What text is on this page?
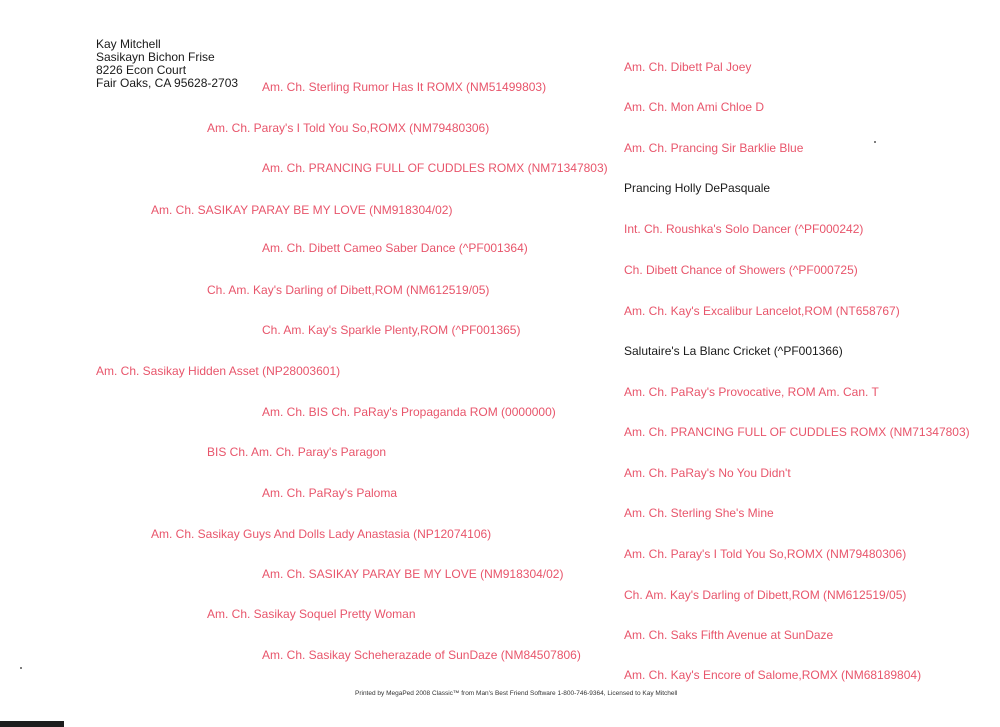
Kay Mitchell
Sasikayn Bichon Frise
8226 Econ Court
Fair Oaks, CA 95628-2703 Am. Ch. Sterling Rumor Has It ROMX (NM51499803)
Am. Ch. Paray's I Told You So,ROMX (NM79480306)
Am. Ch. PRANCING FULL OF CUDDLES ROMX (NM71347803)
Am. Ch. SASIKAY PARAY BE MY LOVE (NM918304/02)
Am. Ch. Dibett Cameo Saber Dance (^PF001364)
Ch. Am. Kay's Darling of Dibett,ROM (NM612519/05)
Ch. Am. Kay's Sparkle Plenty,ROM (^PF001365)
Am. Ch. Sasikay Hidden Asset (NP28003601)
Am. Ch. BIS Ch. PaRay's Propaganda ROM (0000000)
BIS Ch. Am. Ch. Paray's Paragon
Am. Ch. PaRay's Paloma
Am. Ch. Sasikay Guys And Dolls Lady Anastasia (NP12074106)
Am. Ch. SASIKAY PARAY BE MY LOVE (NM918304/02)
Am. Ch. Sasikay Soquel Pretty Woman
Am. Ch. Sasikay Scheherazade of SunDaze (NM84507806)
Am. Ch. Dibett Pal Joey
Am. Ch. Mon Ami Chloe D
Am. Ch. Prancing Sir Barklie Blue
Prancing Holly DePasquale
Int. Ch. Roushka's Solo Dancer (^PF000242)
Ch. Dibett Chance of Showers (^PF000725)
Am. Ch. Kay's Excalibur Lancelot,ROM (NT658767)
Salutaire's La Blanc Cricket (^PF001366)
Am. Ch. PaRay's Provocative, ROM Am. Can. T
Am. Ch. PRANCING FULL OF CUDDLES ROMX (NM71347803)
Am. Ch. PaRay's No You Didn't
Am. Ch. Sterling She's Mine
Am. Ch. Paray's I Told You So,ROMX (NM79480306)
Ch. Am. Kay's Darling of Dibett,ROM (NM612519/05)
Am. Ch. Saks Fifth Avenue at SunDaze
Am. Ch. Kay's Encore of Salome,ROMX (NM68189804)
Printed by MegaPed 2008 Classic™ from Man's Best Friend Software 1-800-746-9364, Licensed to Kay Mitchell
